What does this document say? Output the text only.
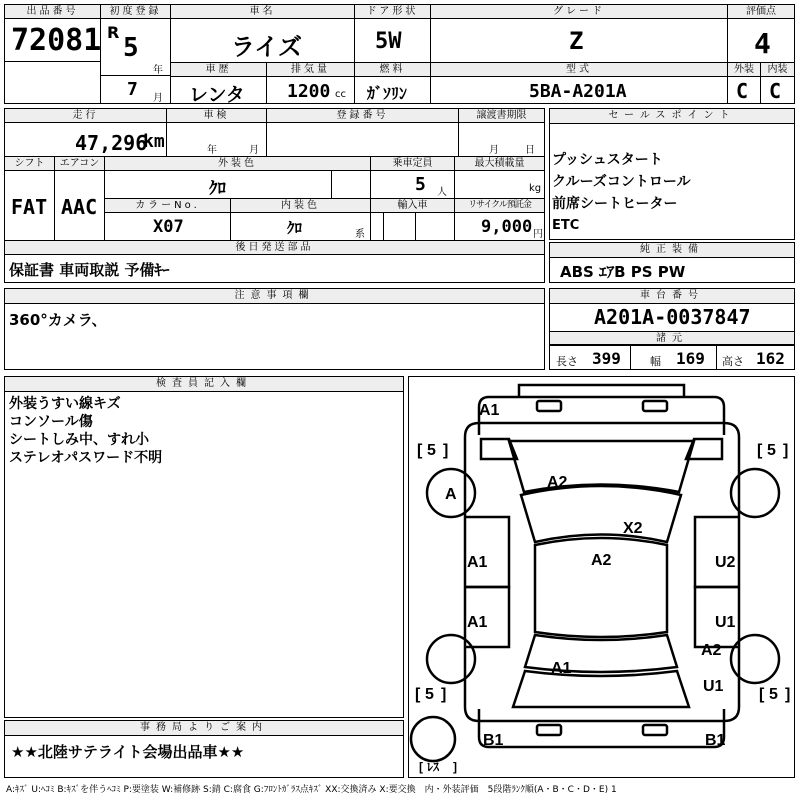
出品番号
72081
初度登録
R
5
年
7 月
車名
ライズ
ドア形状
5W
グレード
Z
評価点
4
車歴
レンタ
排気量
1200 cc
燃料
ｶﾞｿﾘﾝ
型式
5BA-A201A
外装
C
内装
C
走行
47,296
km
車検
年	月
登録番号	譲渡書期限
月	日
シフト
FAT
エアコン
AAC
外装色
ｸﾛ
乗車定員
5 人
最大積載量
kg
カラーNo.
X07
内装色
ｸﾛ	系
輸入車	リサイクル預託金
9,000 円
後日発送部品
保証書 車両取説 予備ｷｰ
セールスポイント
プッシュスタート
クルーズコントロール
前席シートヒーター
ETC
純正装備
ABS ｴｱB PS PW
注意事項欄
360°カメラ、
車台番号
A201A-0037847
諸元
長さ 399	幅 169 高さ 162
検査員記入欄
外装うすい線キズ
コンソール傷
シートしみ中、すれ小
ステレオパスワード不明
事務局よりご案内
★★北陸サテライト会場出品車★★
[ 5 ]	[ 5 ]
[ 5 ]	[ 5 ]
[ ﾚｽ ]
A1
A
A2
X2
A2
A1
A1
U2
U1
A1
A2
U1
B1	B1
A:ｷｽﾞ U:ﾍｺﾐ B:ｷｽﾞを伴うﾍｺﾐ P:要塗装 W:補修跡 S:錆 C:腐食 G:ﾌﾛﾝﾄｶﾞﾗｽ点ｷｽﾞ XX:交換済み X:要交換　内・外装評価　5段階ﾗﾝｸ順(A・B・C・D・E) 1
